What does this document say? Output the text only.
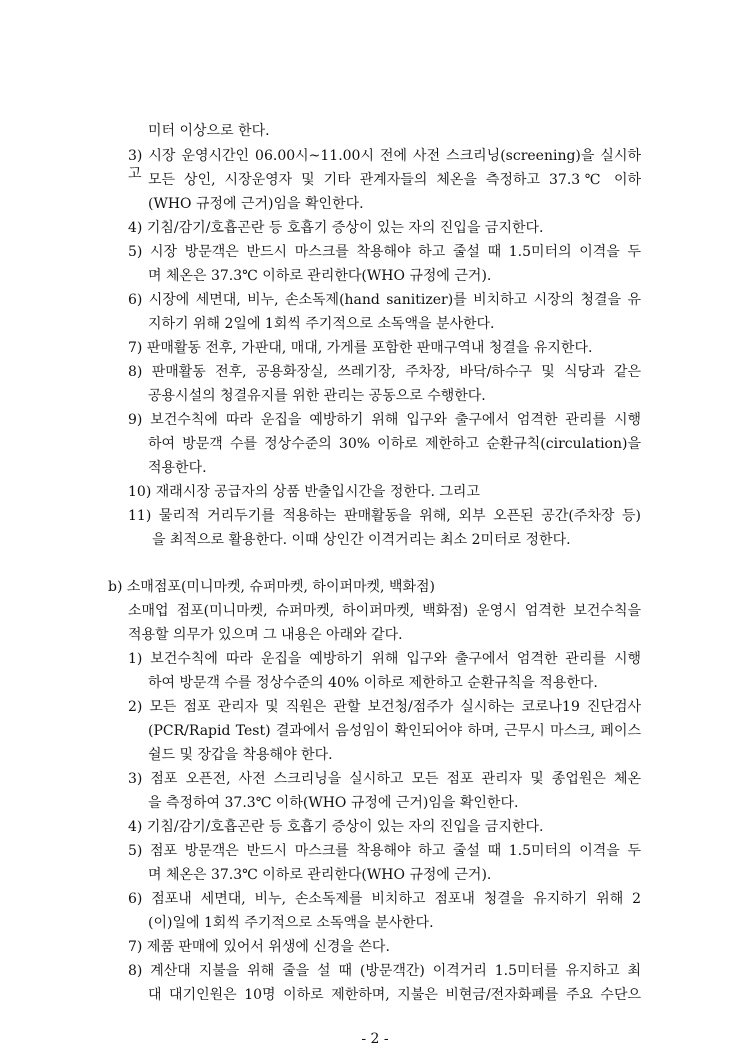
미터 이상으로 한다.
3) 시장 운영시간인 06.00시~11.00시 전에 사전 스크리닝(screening)을 실시하고 모든 상인, 시장운영자 및 기타 관계자들의 체온을 측정하고 37.3℃ 이하
(WHO 규정에 근거)임을 확인한다.
4) 기침/감기/호흡곤란 등 호흡기 증상이 있는 자의 진입을 금지한다.
5) 시장 방문객은 반드시 마스크를 착용해야 하고 줄설 때 1.5미터의 이격을 두
며 체온은 37.3℃ 이하로 관리한다(WHO 규정에 근거).
6) 시장에 세면대, 비누, 손소독제(hand sanitizer)를 비치하고 시장의 청결을 유
지하기 위해 2일에 1회씩 주기적으로 소독액을 분사한다.
7) 판매활동 전후, 가판대, 매대, 가게를 포함한 판매구역내 청결을 유지한다.
8) 판매활동 전후, 공용화장실, 쓰레기장, 주차장, 바닥/하수구 및 식당과 같은
공용시설의 청결유지를 위한 관리는 공동으로 수행한다.
9) 보건수칙에 따라 운집을 예방하기 위해 입구와 출구에서 엄격한 관리를 시행
하여 방문객 수를 정상수준의 30% 이하로 제한하고 순환규칙(circulation)을
적용한다.
10) 재래시장 공급자의 상품 반출입시간을 정한다. 그리고
11) 물리적 거리두기를 적용하는 판매활동을 위해, 외부 오픈된 공간(주차장 등)
을 최적으로 활용한다. 이때 상인간 이격거리는 최소 2미터로 정한다.
b) 소매점포(미니마켓, 슈퍼마켓, 하이퍼마켓, 백화점)
소매업 점포(미니마켓, 슈퍼마켓, 하이퍼마켓, 백화점) 운영시 엄격한 보건수칙을
적용할 의무가 있으며 그 내용은 아래와 같다.
1) 보건수칙에 따라 운집을 예방하기 위해 입구와 출구에서 엄격한 관리를 시행
하여 방문객 수를 정상수준의 40% 이하로 제한하고 순환규칙을 적용한다.
2) 모든 점포 관리자 및 직원은 관할 보건청/점주가 실시하는 코로나19 진단검사
(PCR/Rapid Test) 결과에서 음성임이 확인되어야 하며, 근무시 마스크, 페이스
쉴드 및 장갑을 착용해야 한다.
3) 점포 오픈전, 사전 스크리닝을 실시하고 모든 점포 관리자 및 종업원은 체온
을 측정하여 37.3℃ 이하(WHO 규정에 근거)임을 확인한다.
4) 기침/감기/호흡곤란 등 호흡기 증상이 있는 자의 진입을 금지한다.
5) 점포 방문객은 반드시 마스크를 착용해야 하고 줄설 때 1.5미터의 이격을 두
며 체온은 37.3℃ 이하로 관리한다(WHO 규정에 근거).
6) 점포내 세면대, 비누, 손소독제를 비치하고 점포내 청결을 유지하기 위해 2
(이)일에 1회씩 주기적으로 소독액을 분사한다.
7) 제품 판매에 있어서 위생에 신경을 쓴다.
8) 계산대 지불을 위해 줄을 설 때 (방문객간) 이격거리 1.5미터를 유지하고 최
대 대기인원은 10명 이하로 제한하며, 지불은 비현금/전자화폐를 주요 수단으
- 2 -
